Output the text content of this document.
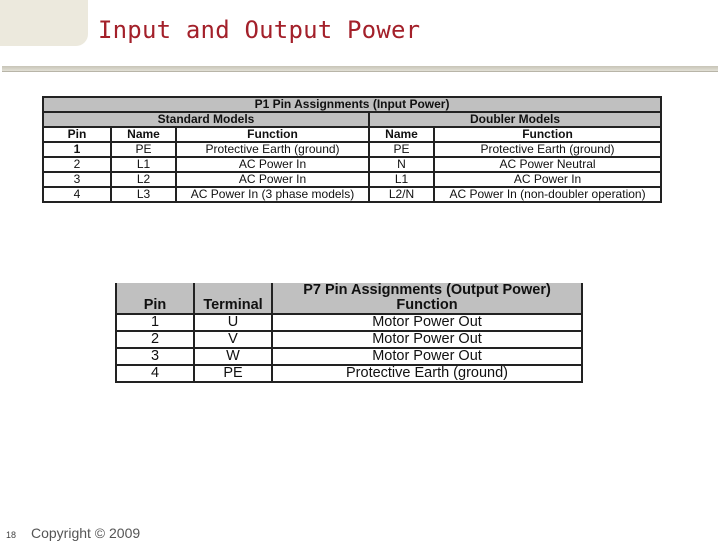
Input and Output Power
P1 Pin Assignments (Input Power)				
Standard Models			Doubler Models	
Pin	Name	Function	Name	Function
1	PE	Protective Earth (ground)	PE	Protective Earth (ground)
2	L1	AC Power In	N	AC Power Neutral
3	L2	AC Power In	L1	AC Power In
4	L3	AC Power In (3 phase models)	L2/N	AC Power In (non-doubler operation)
		P7 Pin Assignments (Output Power)
Pin	Terminal	Function
1	U	Motor Power Out
2	V	Motor Power Out
3	W	Motor Power Out
4	PE	Protective Earth (ground)
18 Copyright © 2009
